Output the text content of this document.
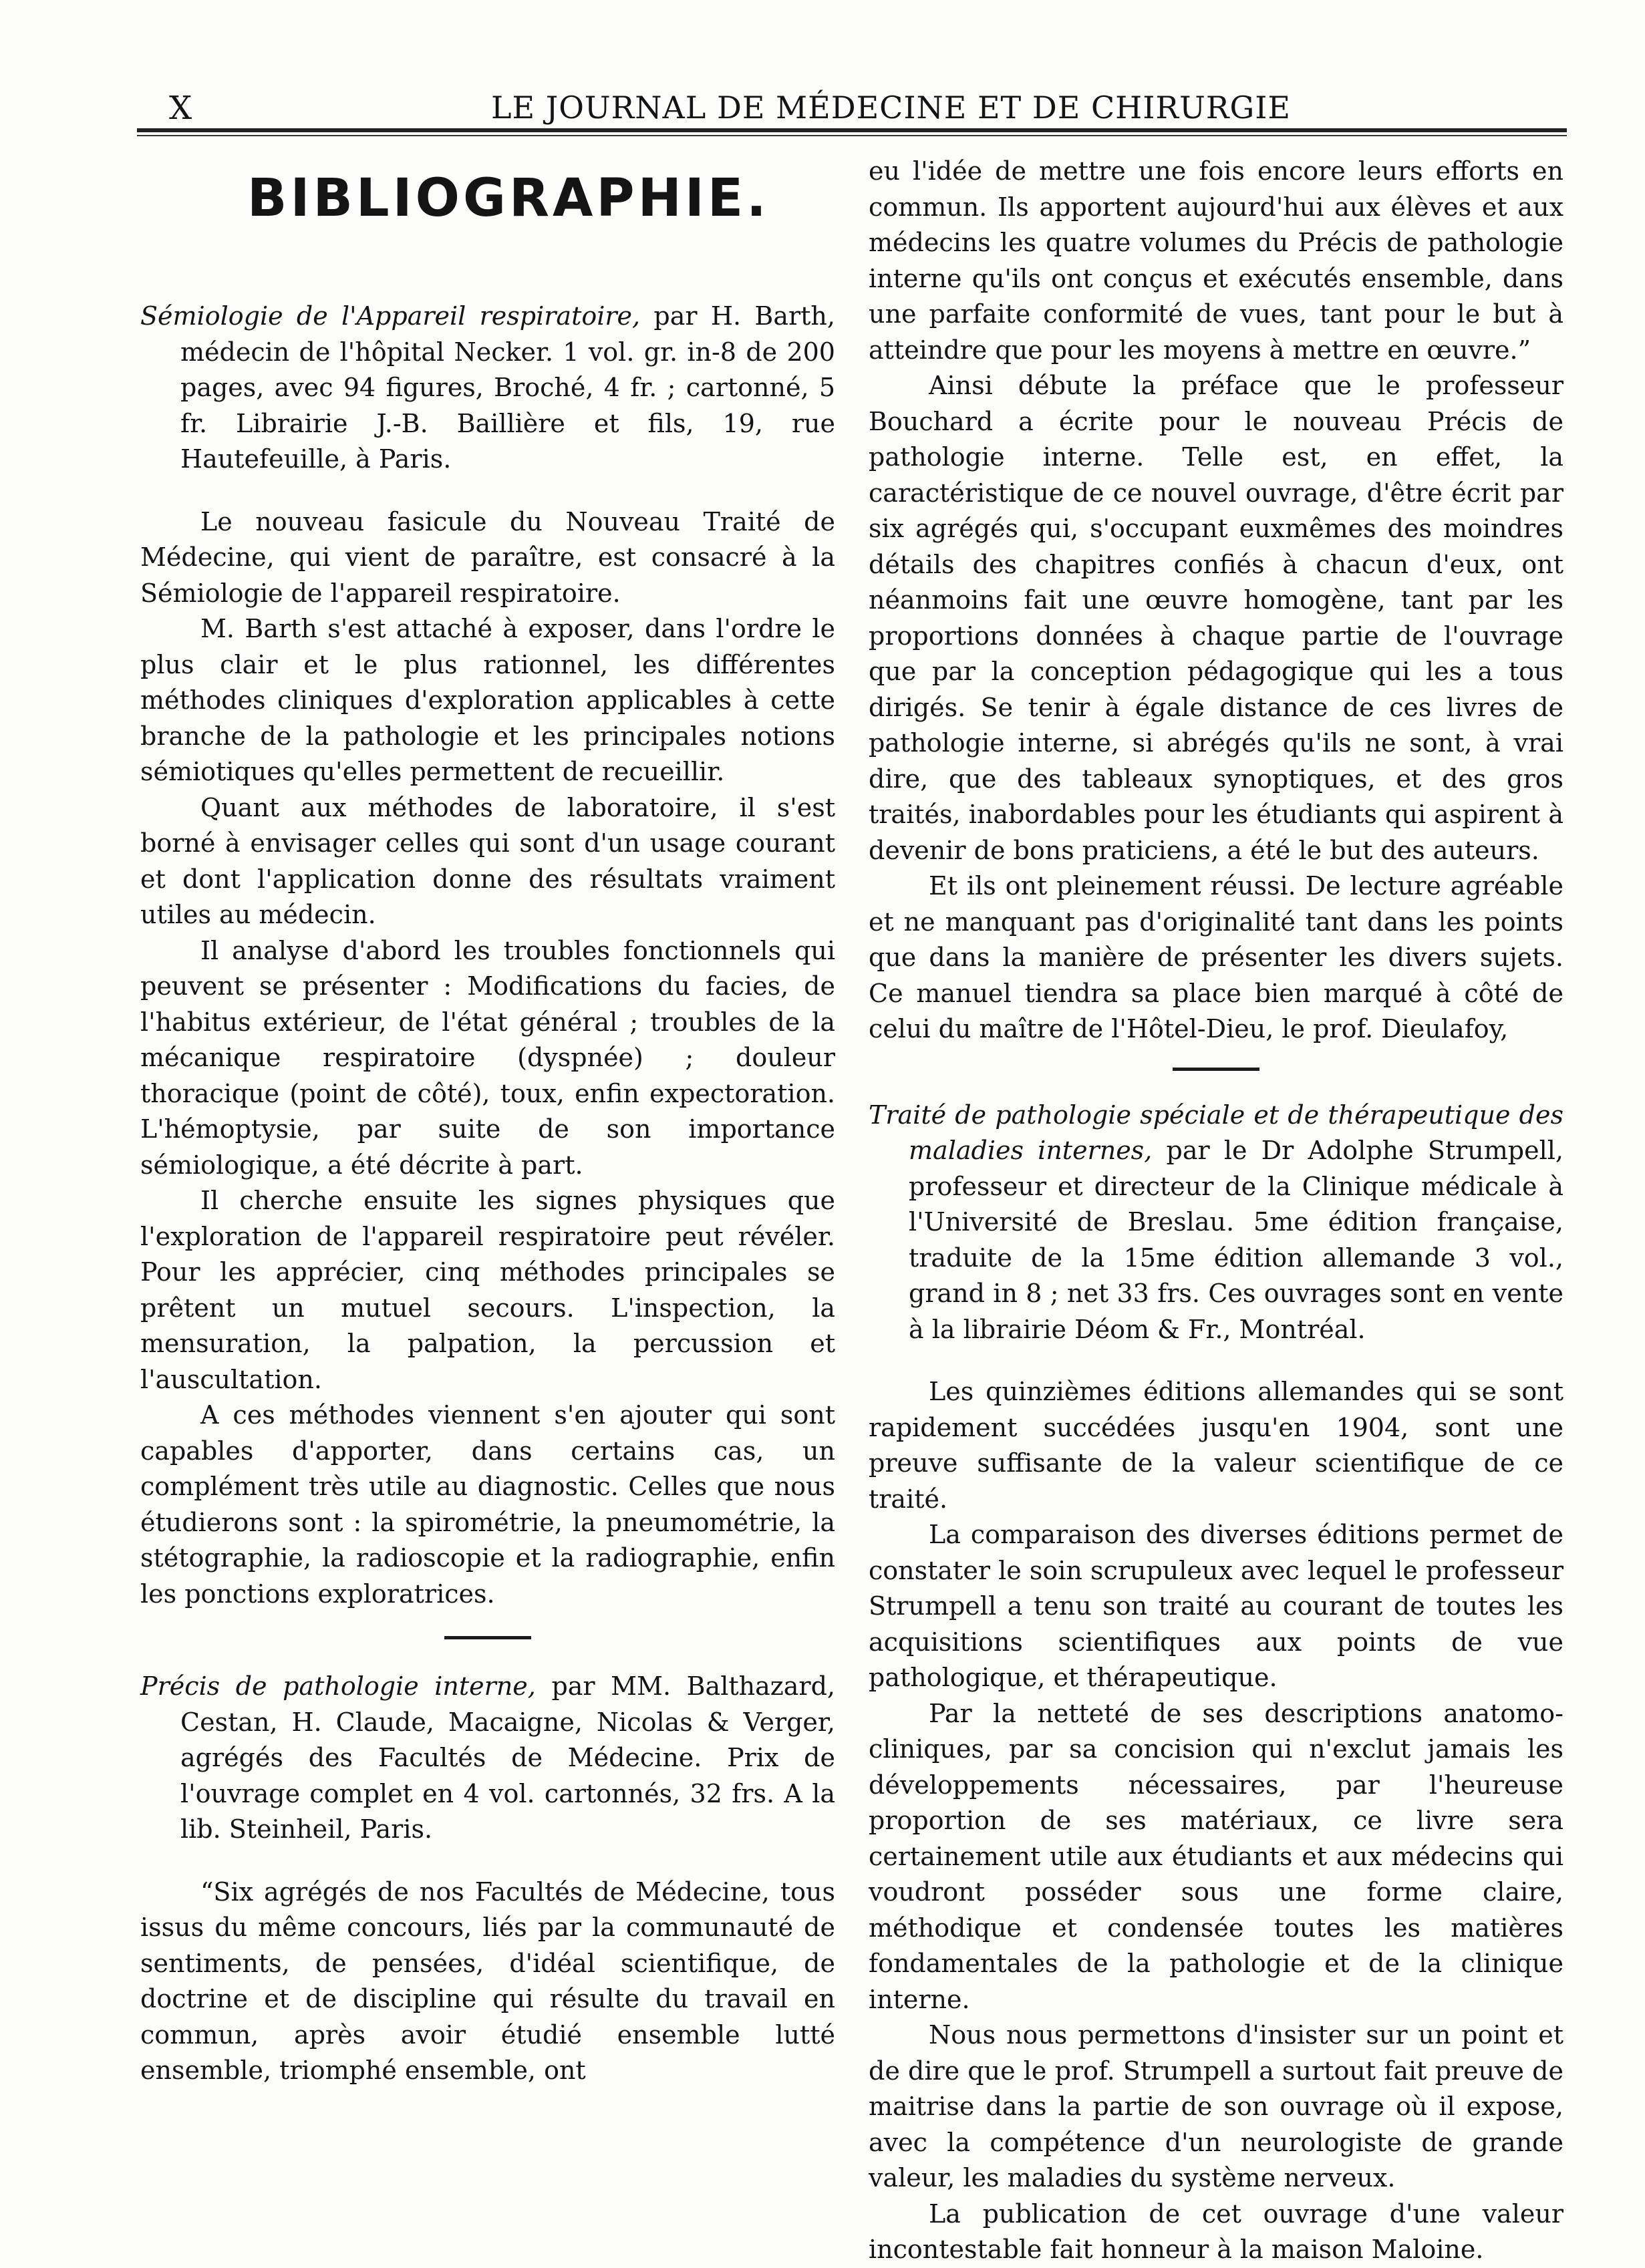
X	LE JOURNAL DE MÉDECINE ET DE CHIRURGIE
BIBLIOGRAPHIE.
Sémiologie de l'Appareil respiratoire, par H. Barth, médecin de l'hôpital Necker. 1 vol. gr. in-8 de 200 pages, avec 94 figures, Broché, 4 fr. ; cartonné, 5 fr. Librairie J.-B. Baillière et fils, 19, rue Hautefeuille, à Paris.

Le nouveau fasicule du Nouveau Traité de Médecine, qui vient de paraître, est consacré à la Sémiologie de l'appareil respiratoire.

M. Barth s'est attaché à exposer, dans l'ordre le plus clair et le plus rationnel, les différentes méthodes cliniques d'exploration applicables à cette branche de la pathologie et les principales notions sémiotiques qu'elles permettent de recueillir.

Quant aux méthodes de laboratoire, il s'est borné à envisager celles qui sont d'un usage courant et dont l'application donne des résultats vraiment utiles au médecin.

Il analyse d'abord les troubles fonctionnels qui peuvent se présenter : Modifications du facies, de l'habitus extérieur, de l'état général ; troubles de la mécanique respiratoire (dyspnée) ; douleur thoracique (point de côté), toux, enfin expectoration. L'hémoptysie, par suite de son importance sémiologique, a été décrite à part.

Il cherche ensuite les signes physiques que l'exploration de l'appareil respiratoire peut révéler. Pour les apprécier, cinq méthodes principales se prêtent un mutuel secours. L'inspection, la mensuration, la palpation, la percussion et l'auscultation.

A ces méthodes viennent s'en ajouter qui sont capables d'apporter, dans certains cas, un complément très utile au diagnostic. Celles que nous étudierons sont : la spirométrie, la pneumométrie, la stétographie, la radioscopie et la radiographie, enfin les ponctions exploratrices.

Précis de pathologie interne, par MM. Balthazard, Cestan, H. Claude, Macaigne, Nicolas & Verger, agrégés des Facultés de Médecine. Prix de l'ouvrage complet en 4 vol. cartonnés, 32 frs. A la lib. Steinheil, Paris.

“Six agrégés de nos Facultés de Médecine, tous issus du même concours, liés par la communauté de sentiments, de pensées, d'idéal scientifique, de doctrine et de discipline qui résulte du travail en commun, après avoir étudié ensemble lutté ensemble, triomphé ensemble, ont

eu l'idée de mettre une fois encore leurs efforts en commun. Ils apportent aujourd'hui aux élèves et aux médecins les quatre volumes du Précis de pathologie interne qu'ils ont conçus et exécutés ensemble, dans une parfaite conformité de vues, tant pour le but à atteindre que pour les moyens à mettre en œuvre.”

Ainsi débute la préface que le professeur Bouchard a écrite pour le nouveau Précis de pathologie interne. Telle est, en effet, la caractéristique de ce nouvel ouvrage, d'être écrit par six agrégés qui, s'occupant euxmêmes des moindres détails des chapitres confiés à chacun d'eux, ont néanmoins fait une œuvre homogène, tant par les proportions données à chaque partie de l'ouvrage que par la conception pédagogique qui les a tous dirigés. Se tenir à égale distance de ces livres de pathologie interne, si abrégés qu'ils ne sont, à vrai dire, que des tableaux synoptiques, et des gros traités, inabordables pour les étudiants qui aspirent à devenir de bons praticiens, a été le but des auteurs.

Et ils ont pleinement réussi. De lecture agréable et ne manquant pas d'originalité tant dans les points que dans la manière de présenter les divers sujets. Ce manuel tiendra sa place bien marqué à côté de celui du maître de l'Hôtel-Dieu, le prof. Dieulafoy,

Traité de pathologie spéciale et de thérapeutique des maladies internes, par le Dr Adolphe Strumpell, professeur et directeur de la Clinique médicale à l'Université de Breslau. 5me édition française, traduite de la 15me édition allemande 3 vol., grand in 8 ; net 33 frs. Ces ouvrages sont en vente à la librairie Déom & Fr., Montréal.

Les quinzièmes éditions allemandes qui se sont rapidement succédées jusqu'en 1904, sont une preuve suffisante de la valeur scientifique de ce traité.

La comparaison des diverses éditions permet de constater le soin scrupuleux avec lequel le professeur Strumpell a tenu son traité au courant de toutes les acquisitions scientifiques aux points de vue pathologique, et thérapeutique.

Par la netteté de ses descriptions anatomo-cliniques, par sa concision qui n'exclut jamais les développements nécessaires, par l'heureuse proportion de ses matériaux, ce livre sera certainement utile aux étudiants et aux médecins qui voudront posséder sous une forme claire, méthodique et condensée toutes les matières fondamentales de la pathologie et de la clinique interne.

Nous nous permettons d'insister sur un point et de dire que le prof. Strumpell a surtout fait preuve de maitrise dans la partie de son ouvrage où il expose, avec la compétence d'un neurologiste de grande valeur, les maladies du système nerveux.

La publication de cet ouvrage d'une valeur incontestable fait honneur à la maison Maloine.
